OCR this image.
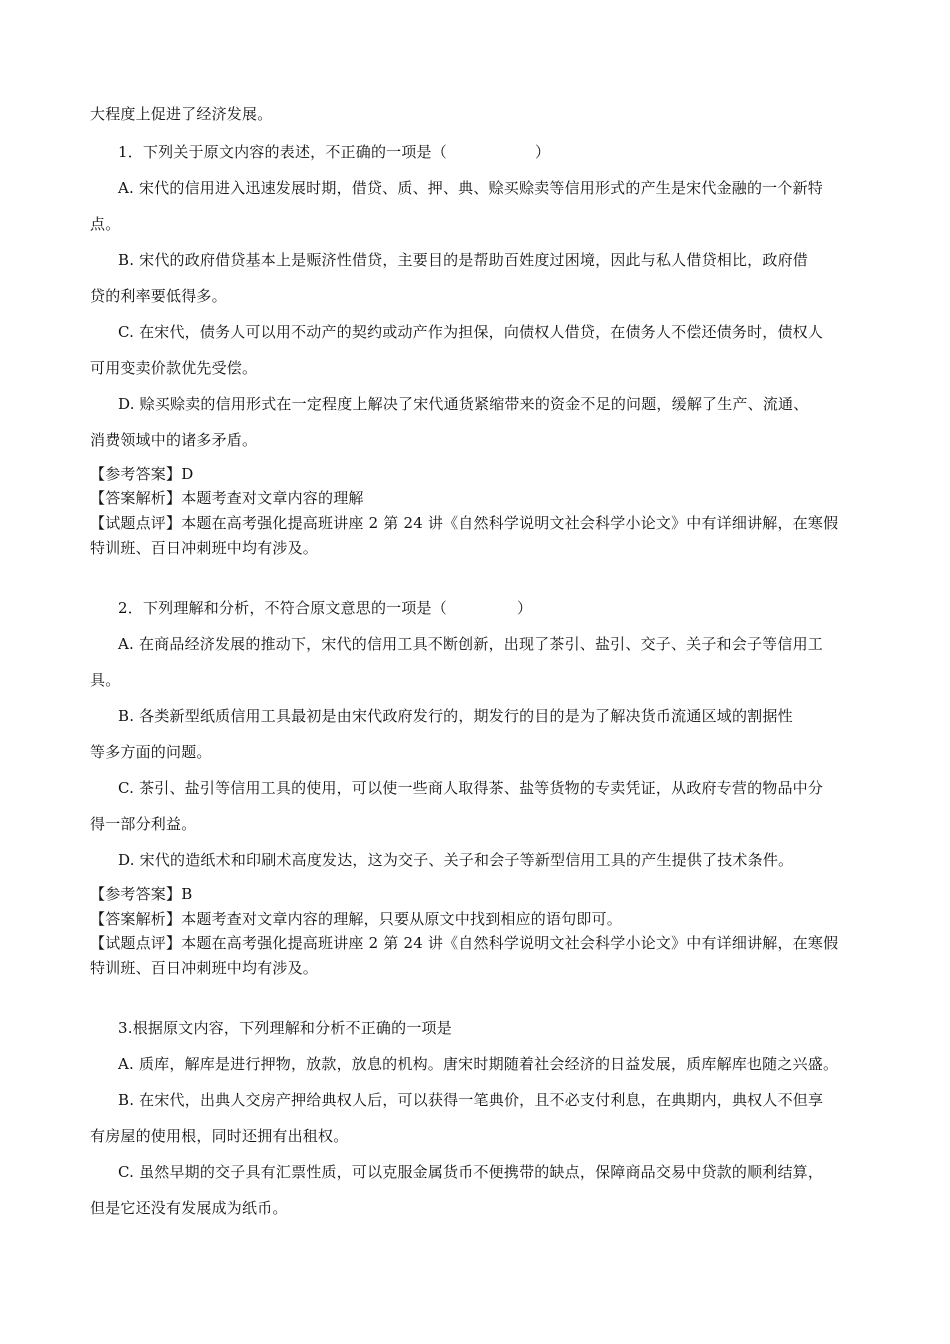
大程度上促进了经济发展。
1．下列关于原文内容的表述，不正确的一项是（	）
A. 宋代的信用进入迅速发展时期，借贷、质、押、典、赊买赊卖等信用形式的产生是宋代金融的一个新特
点。
B. 宋代的政府借贷基本上是赈济性借贷，主要目的是帮助百姓度过困境，因此与私人借贷相比，政府借
贷的利率要低得多。
C. 在宋代，债务人可以用不动产的契约或动产作为担保，向债权人借贷，在债务人不偿还债务时，债权人
可用变卖价款优先受偿。
D. 赊买赊卖的信用形式在一定程度上解决了宋代通货紧缩带来的资金不足的问题，缓解了生产、流通、
消费领域中的诸多矛盾。
【参考答案】D
【答案解析】本题考查对文章内容的理解
【试题点评】本题在高考强化提高班讲座 2 第 24 讲《自然科学说明文社会科学小论文》中有详细讲解，在寒假
特训班、百日冲刺班中均有涉及。
2．下列理解和分析，不符合原文意思的一项是（	）
A. 在商品经济发展的推动下，宋代的信用工具不断创新，出现了茶引、盐引、交子、关子和会子等信用工
具。
B. 各类新型纸质信用工具最初是由宋代政府发行的，期发行的目的是为了解决货币流通区域的割据性
等多方面的问题。
C. 茶引、盐引等信用工具的使用，可以使一些商人取得茶、盐等货物的专卖凭证，从政府专营的物品中分
得一部分利益。
D. 宋代的造纸术和印刷术高度发达，这为交子、关子和会子等新型信用工具的产生提供了技术条件。
【参考答案】B
【答案解析】本题考查对文章内容的理解，只要从原文中找到相应的语句即可。
【试题点评】本题在高考强化提高班讲座 2 第 24 讲《自然科学说明文社会科学小论文》中有详细讲解，在寒假
特训班、百日冲刺班中均有涉及。
3.根据原文内容，下列理解和分析不正确的一项是
A. 质库，解库是进行押物，放款，放息的机构。唐宋时期随着社会经济的日益发展，质库解库也随之兴盛。
B. 在宋代，出典人交房产押给典权人后，可以获得一笔典价，且不必支付利息，在典期内，典权人不但享
有房屋的使用根，同时还拥有出租权。
C. 虽然早期的交子具有汇票性质，可以克服金属货币不便携带的缺点，保障商品交易中贷款的顺利结算，
但是它还没有发展成为纸币。
